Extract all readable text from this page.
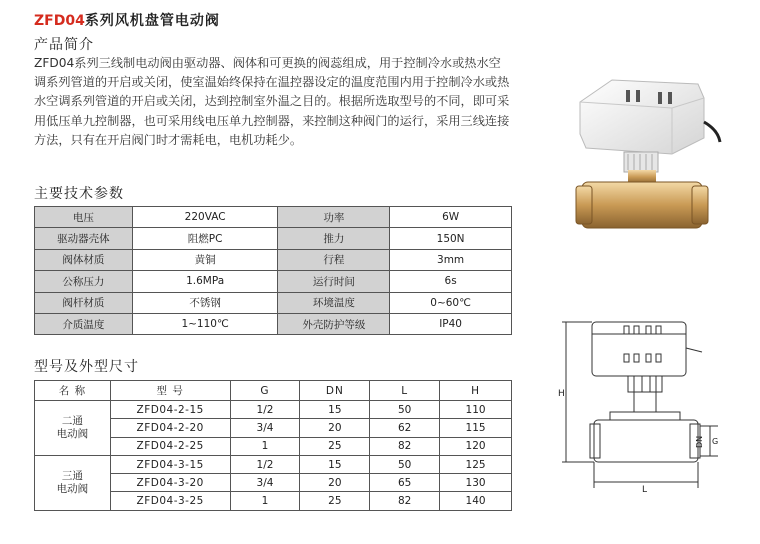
ZFD04系列风机盘管电动阀
产品简介
ZFD04系列三线制电动阀由驱动器、阀体和可更换的阀蕊组成，用于控制冷水或热水空调系列管道的开启或关闭，使室温始终保持在温控器设定的温度范围内用于控制冷水或热水空调系列管道的开启或关闭，达到控制室外温之目的。根据所选取型号的不同，即可采用低压单九控制器，也可采用线电压单九控制器，来控制这种阀门的运行，采用三线连接方法，只有在开启阀门时才需耗电，电机功耗少。
主要技术参数
电压	220VAC	功率	6W
驱动器壳体	阻燃PC	推力	150N
阀体材质	黄铜	行程	3mm
公称压力	1.6MPa	运行时间	6s
阀杆材质	不锈钢	环境温度	0~60℃
介质温度	1~110℃	外壳防护等级	IP40
型号及外型尺寸
名 称	型 号	G	DN	L	H
二通
电动阀	ZFD04-2-15	1/2	15	50	110
	ZFD04-2-20	3/4	20	62	115
	ZFD04-2-25	1	25	82	120
三通
电动阀	ZFD04-3-15	1/2	15	50	125
	ZFD04-3-20	3/4	20	65	130
	ZFD04-3-25	1	25	82	140
H
L
DN G
